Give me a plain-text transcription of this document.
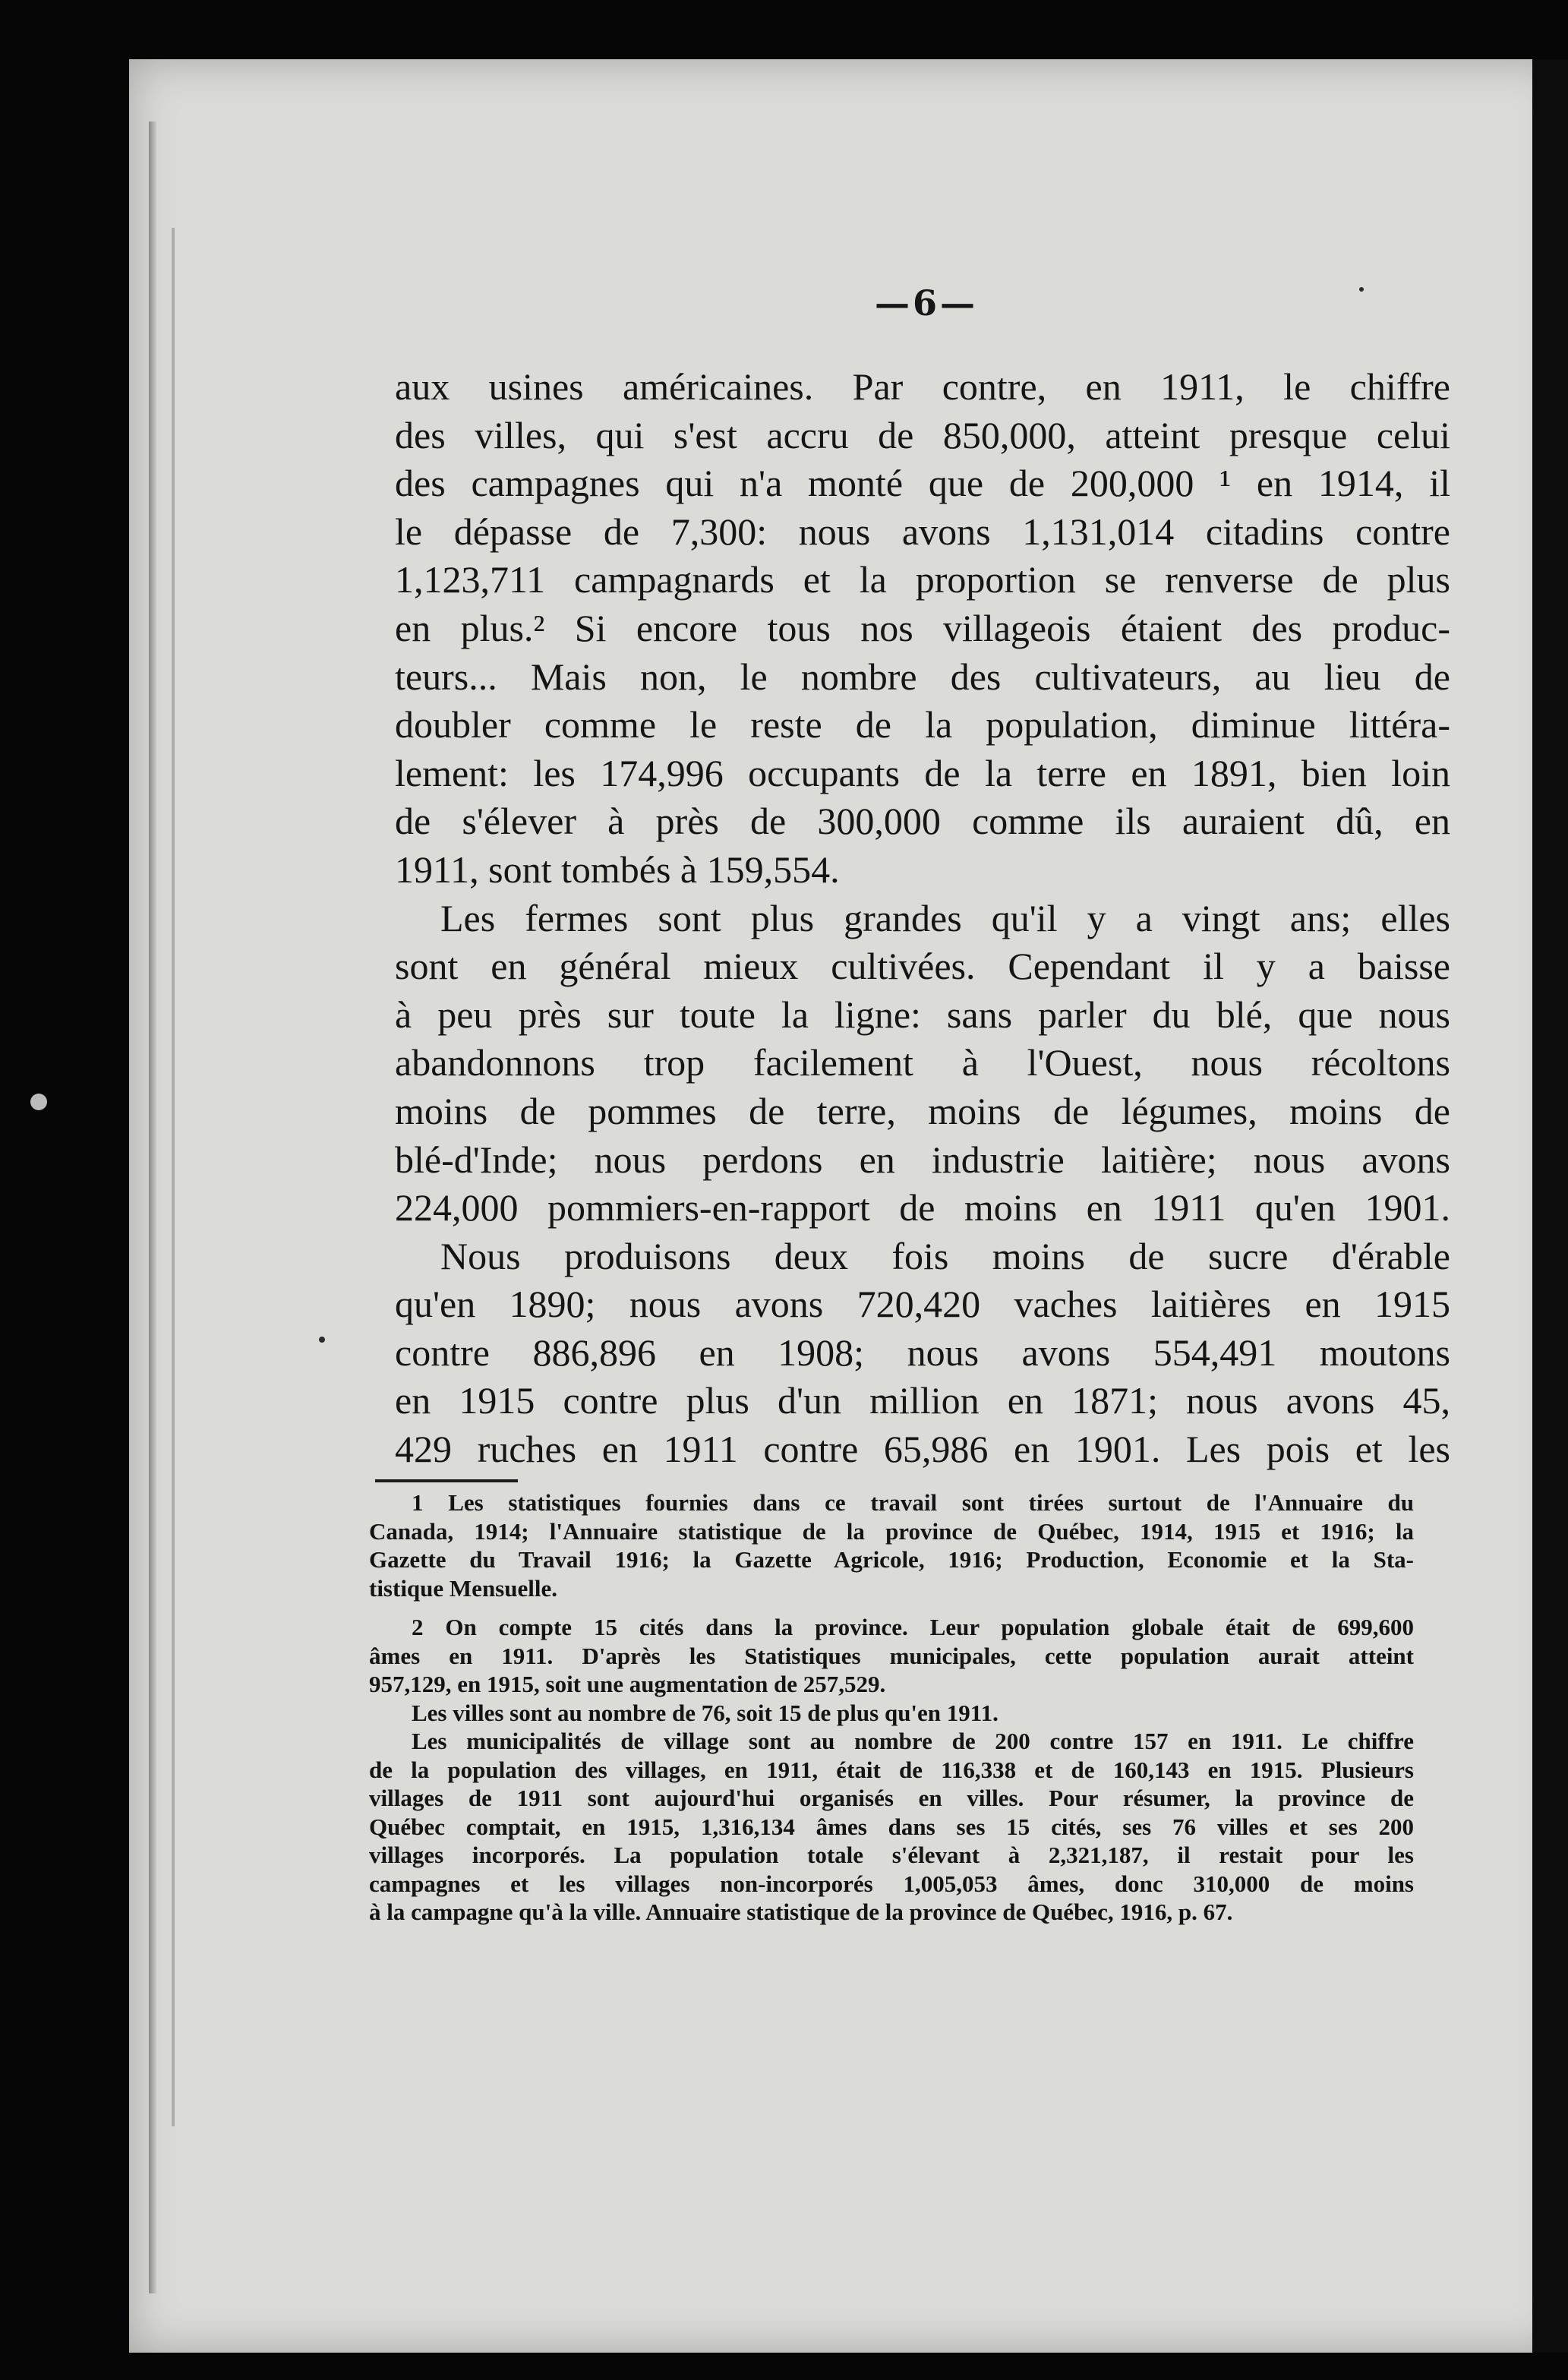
—6—
aux usines américaines. Par contre, en 1911, le chiffre
des villes, qui s'est accru de 850,000, atteint presque celui
des campagnes qui n'a monté que de 200,000 ¹ en 1914, il
le dépasse de 7,300: nous avons 1,131,014 citadins contre
1,123,711 campagnards et la proportion se renverse de plus
en plus.² Si encore tous nos villageois étaient des produc-
teurs... Mais non, le nombre des cultivateurs, au lieu de
doubler comme le reste de la population, diminue littéra-
lement: les 174,996 occupants de la terre en 1891, bien loin
de s'élever à près de 300,000 comme ils auraient dû, en
1911, sont tombés à 159,554.
Les fermes sont plus grandes qu'il y a vingt ans; elles
sont en général mieux cultivées. Cependant il y a baisse
à peu près sur toute la ligne: sans parler du blé, que nous
abandonnons trop facilement à l'Ouest, nous récoltons
moins de pommes de terre, moins de légumes, moins de
blé-d'Inde; nous perdons en industrie laitière; nous avons
224,000 pommiers-en-rapport de moins en 1911 qu'en 1901.
Nous produisons deux fois moins de sucre d'érable
qu'en 1890; nous avons 720,420 vaches laitières en 1915
contre 886,896 en 1908; nous avons 554,491 moutons
en 1915 contre plus d'un million en 1871; nous avons 45,
429 ruches en 1911 contre 65,986 en 1901. Les pois et les
1 Les statistiques fournies dans ce travail sont tirées surtout de l'Annuaire du
Canada, 1914; l'Annuaire statistique de la province de Québec, 1914, 1915 et 1916; la
Gazette du Travail 1916; la Gazette Agricole, 1916; Production, Economie et la Sta-
tistique Mensuelle.
2 On compte 15 cités dans la province. Leur population globale était de 699,600
âmes en 1911. D'après les Statistiques municipales, cette population aurait atteint
957,129, en 1915, soit une augmentation de 257,529.
Les villes sont au nombre de 76, soit 15 de plus qu'en 1911.
Les municipalités de village sont au nombre de 200 contre 157 en 1911. Le chiffre
de la population des villages, en 1911, était de 116,338 et de 160,143 en 1915. Plusieurs
villages de 1911 sont aujourd'hui organisés en villes. Pour résumer, la province de
Québec comptait, en 1915, 1,316,134 âmes dans ses 15 cités, ses 76 villes et ses 200
villages incorporés. La population totale s'élevant à 2,321,187, il restait pour les
campagnes et les villages non-incorporés 1,005,053 âmes, donc 310,000 de moins
à la campagne qu'à la ville. Annuaire statistique de la province de Québec, 1916, p. 67.
